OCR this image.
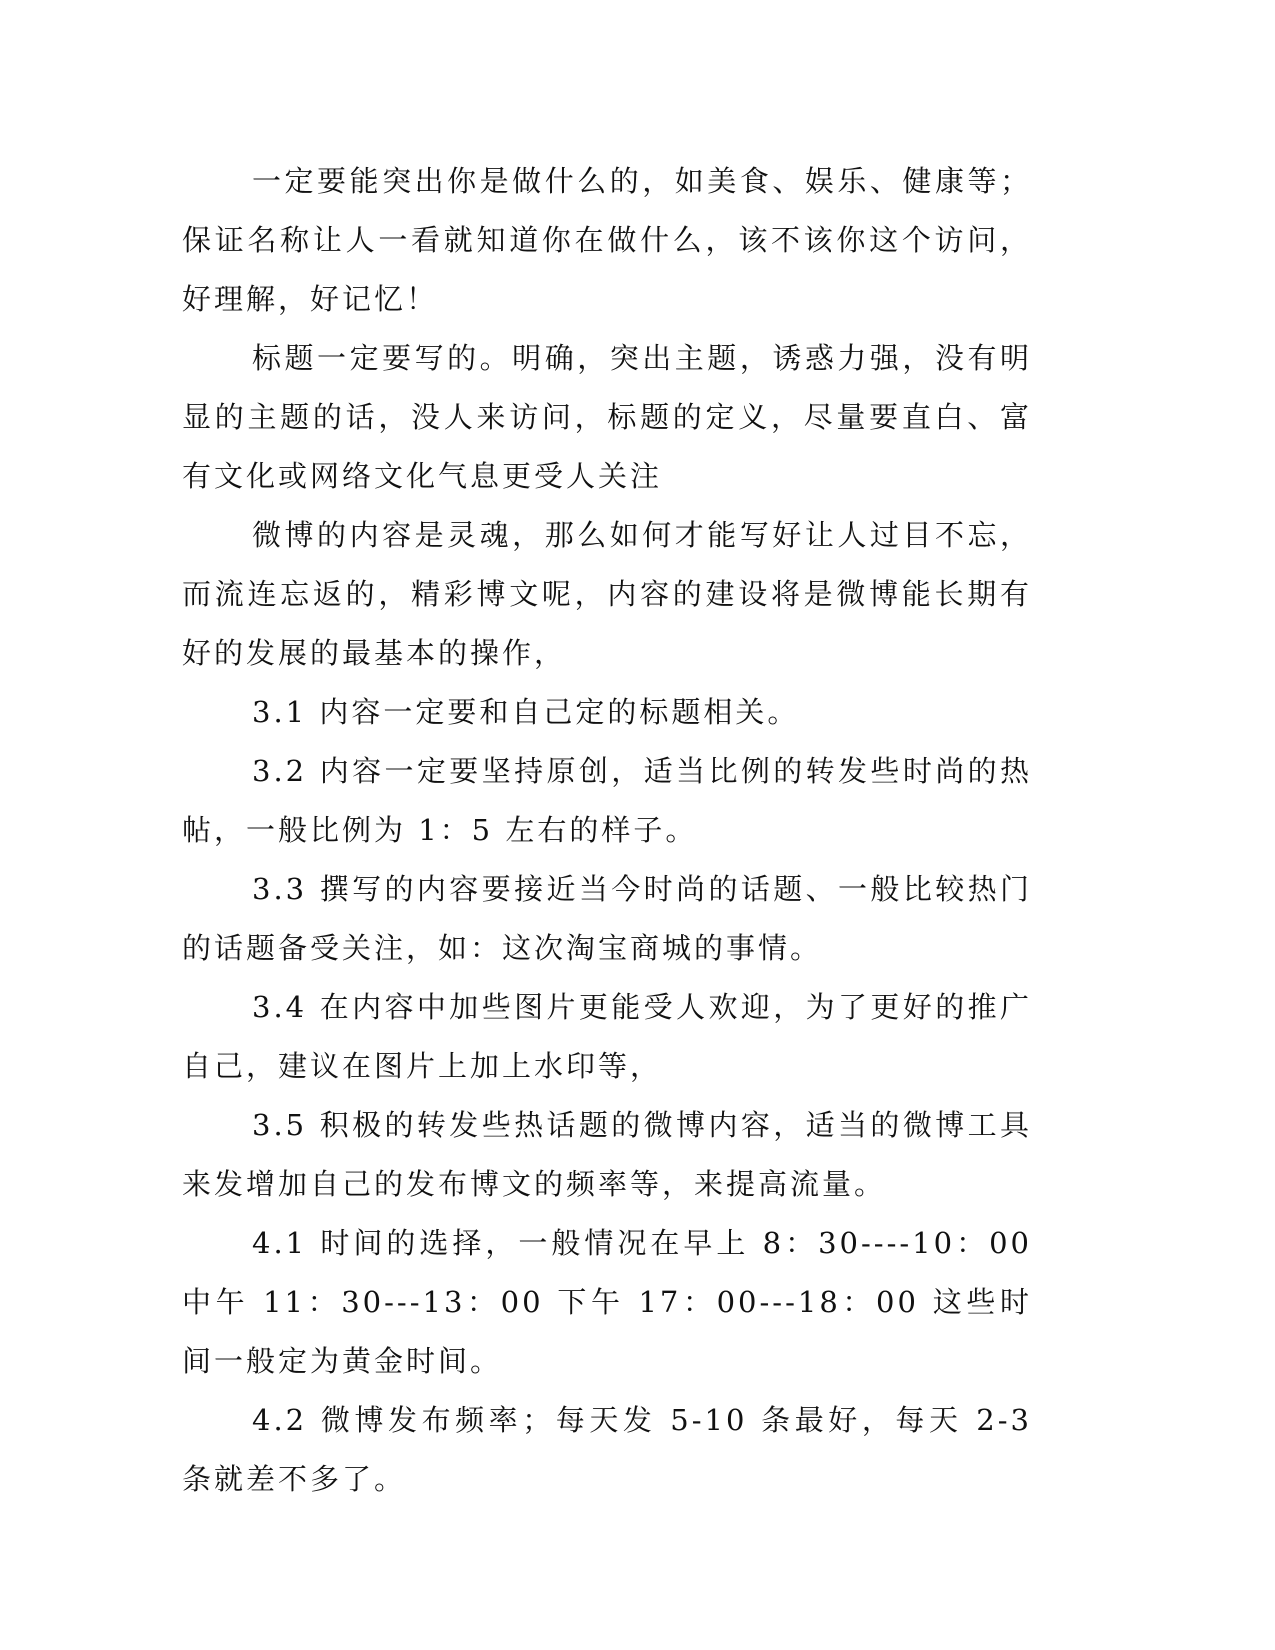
一定要能突出你是做什么的，如美食、娱乐、健康等；保证名称让人一看就知道你在做什么，该不该你这个访问，好理解，好记忆！

标题一定要写的。明确，突出主题，诱惑力强，没有明显的主题的话，没人来访问，标题的定义，尽量要直白、富有文化或网络文化气息更受人关注

微博的内容是灵魂，那么如何才能写好让人过目不忘，而流连忘返的，精彩博文呢，内容的建设将是微博能长期有好的发展的最基本的操作，

3.1 内容一定要和自己定的标题相关。

3.2 内容一定要坚持原创，适当比例的转发些时尚的热帖，一般比例为 1：5 左右的样子。

3.3 撰写的内容要接近当今时尚的话题、一般比较热门的话题备受关注，如：这次淘宝商城的事情。

3.4 在内容中加些图片更能受人欢迎，为了更好的推广自己，建议在图片上加上水印等，

3.5 积极的转发些热话题的微博内容，适当的微博工具来发增加自己的发布博文的频率等，来提高流量。

4.1 时间的选择，一般情况在早上 8：30----10：00 中午 11：30---13：00 下午 17：00---18：00 这些时间一般定为黄金时间。

4.2 微博发布频率；每天发 5-10 条最好，每天 2-3 条就差不多了。
